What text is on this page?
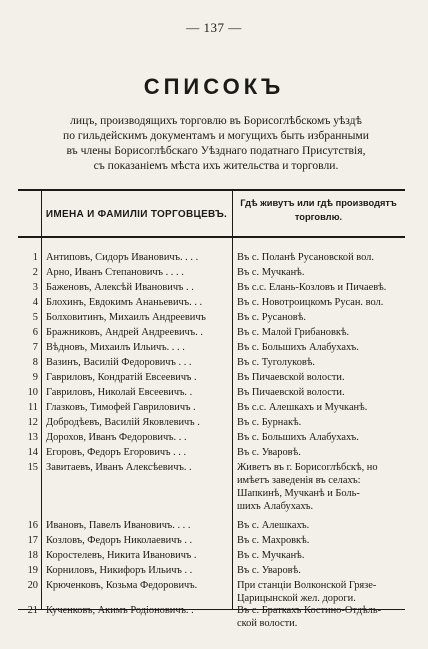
— 137 —
СПИСОКЪ
лицъ, производящихъ торговлю въ Борисоглѣбскомъ уѣздѣ
по гильдейскимъ документамъ и могущихъ быть избранными
въ члены Борисоглѣбскаго Уѣзднаго податнаго Присутствія,
съ показаніемъ мѣста ихъ жительства и торговли.
ИМЕНА И ФАМИЛІИ ТОРГОВЦЕВЪ.
Гдѣ живутъ или гдѣ производятъ
торговлю.
1 Антиповъ, Сидоръ Ивановичъ. . . .	Въ с. Поланѣ Русановской вол.
2 Арно, Иванъ Степановичъ . . . .	Въ с. Мучканѣ.
3 Баженовъ, Алексѣй Ивановичъ . .	Въ с.с. Елань-Козловъ и Пичаевѣ.
4 Блохинъ, Евдокимъ Ананьевичъ. . .	Въ с. Новотроицкомъ Русан. вол.
5 Болховитинъ, Михаилъ Андреевичъ	Въ с. Русановѣ.
6 Бражниковъ, Андрей Андреевичъ. .	Въ с. Малой Грибановкѣ.
7 Вѣдновъ, Михаилъ Ильичъ. . . .	Въ с. Большихъ Алабухахъ.
8 Вазинъ, Василій Федоровичъ . . .	Въ с. Туголуковѣ.
9 Гавриловъ, Кондратій Евсеевичъ .	Въ Пичаевской волости.
10 Гавриловъ, Николай Евсеевичъ. .	Въ Пичаевской волости.
11 Глазковъ, Тимофей Гавриловичъ .	Въ с.с. Алешкахъ и Мучканѣ.
12 Добродѣевъ, Василій Яковлевичъ .	Въ с. Бурнакѣ.
13 Дорохов, Иванъ Федоровичъ. . .	Въ с. Большихъ Алабухахъ.
14 Егоровъ, Федоръ Егоровичъ . . .	Въ с. Уваровѣ.
15 Завитаевъ, Иванъ Алексѣевичъ. .	Живетъ въ г. Борисоглѣбскѣ, но
имѣетъ заведенія въ селахъ:
Шапкинѣ, Мучканѣ и Боль-
шихъ Алабухахъ.
16 Ивановъ, Павелъ Ивановичъ. . . .	Въ с. Алешкахъ.
17 Козловъ, Федоръ Николаевичъ . .	Въ с. Махровкѣ.
18 Коростелевъ, Никита Ивановичъ .	Въ с. Мучканѣ.
19 Корниловъ, Никифоръ Ильичъ . .	Въ с. Уваровѣ.
20 Крюченковъ, Козьма Федоровичъ.	При станціи Волконской Грязе-
Царицынской жел. дороги.
21 Кученковъ, Акимъ Родіоновичъ. .	Въ с. Браткахъ Костино-Отдѣль-
ской волости.
